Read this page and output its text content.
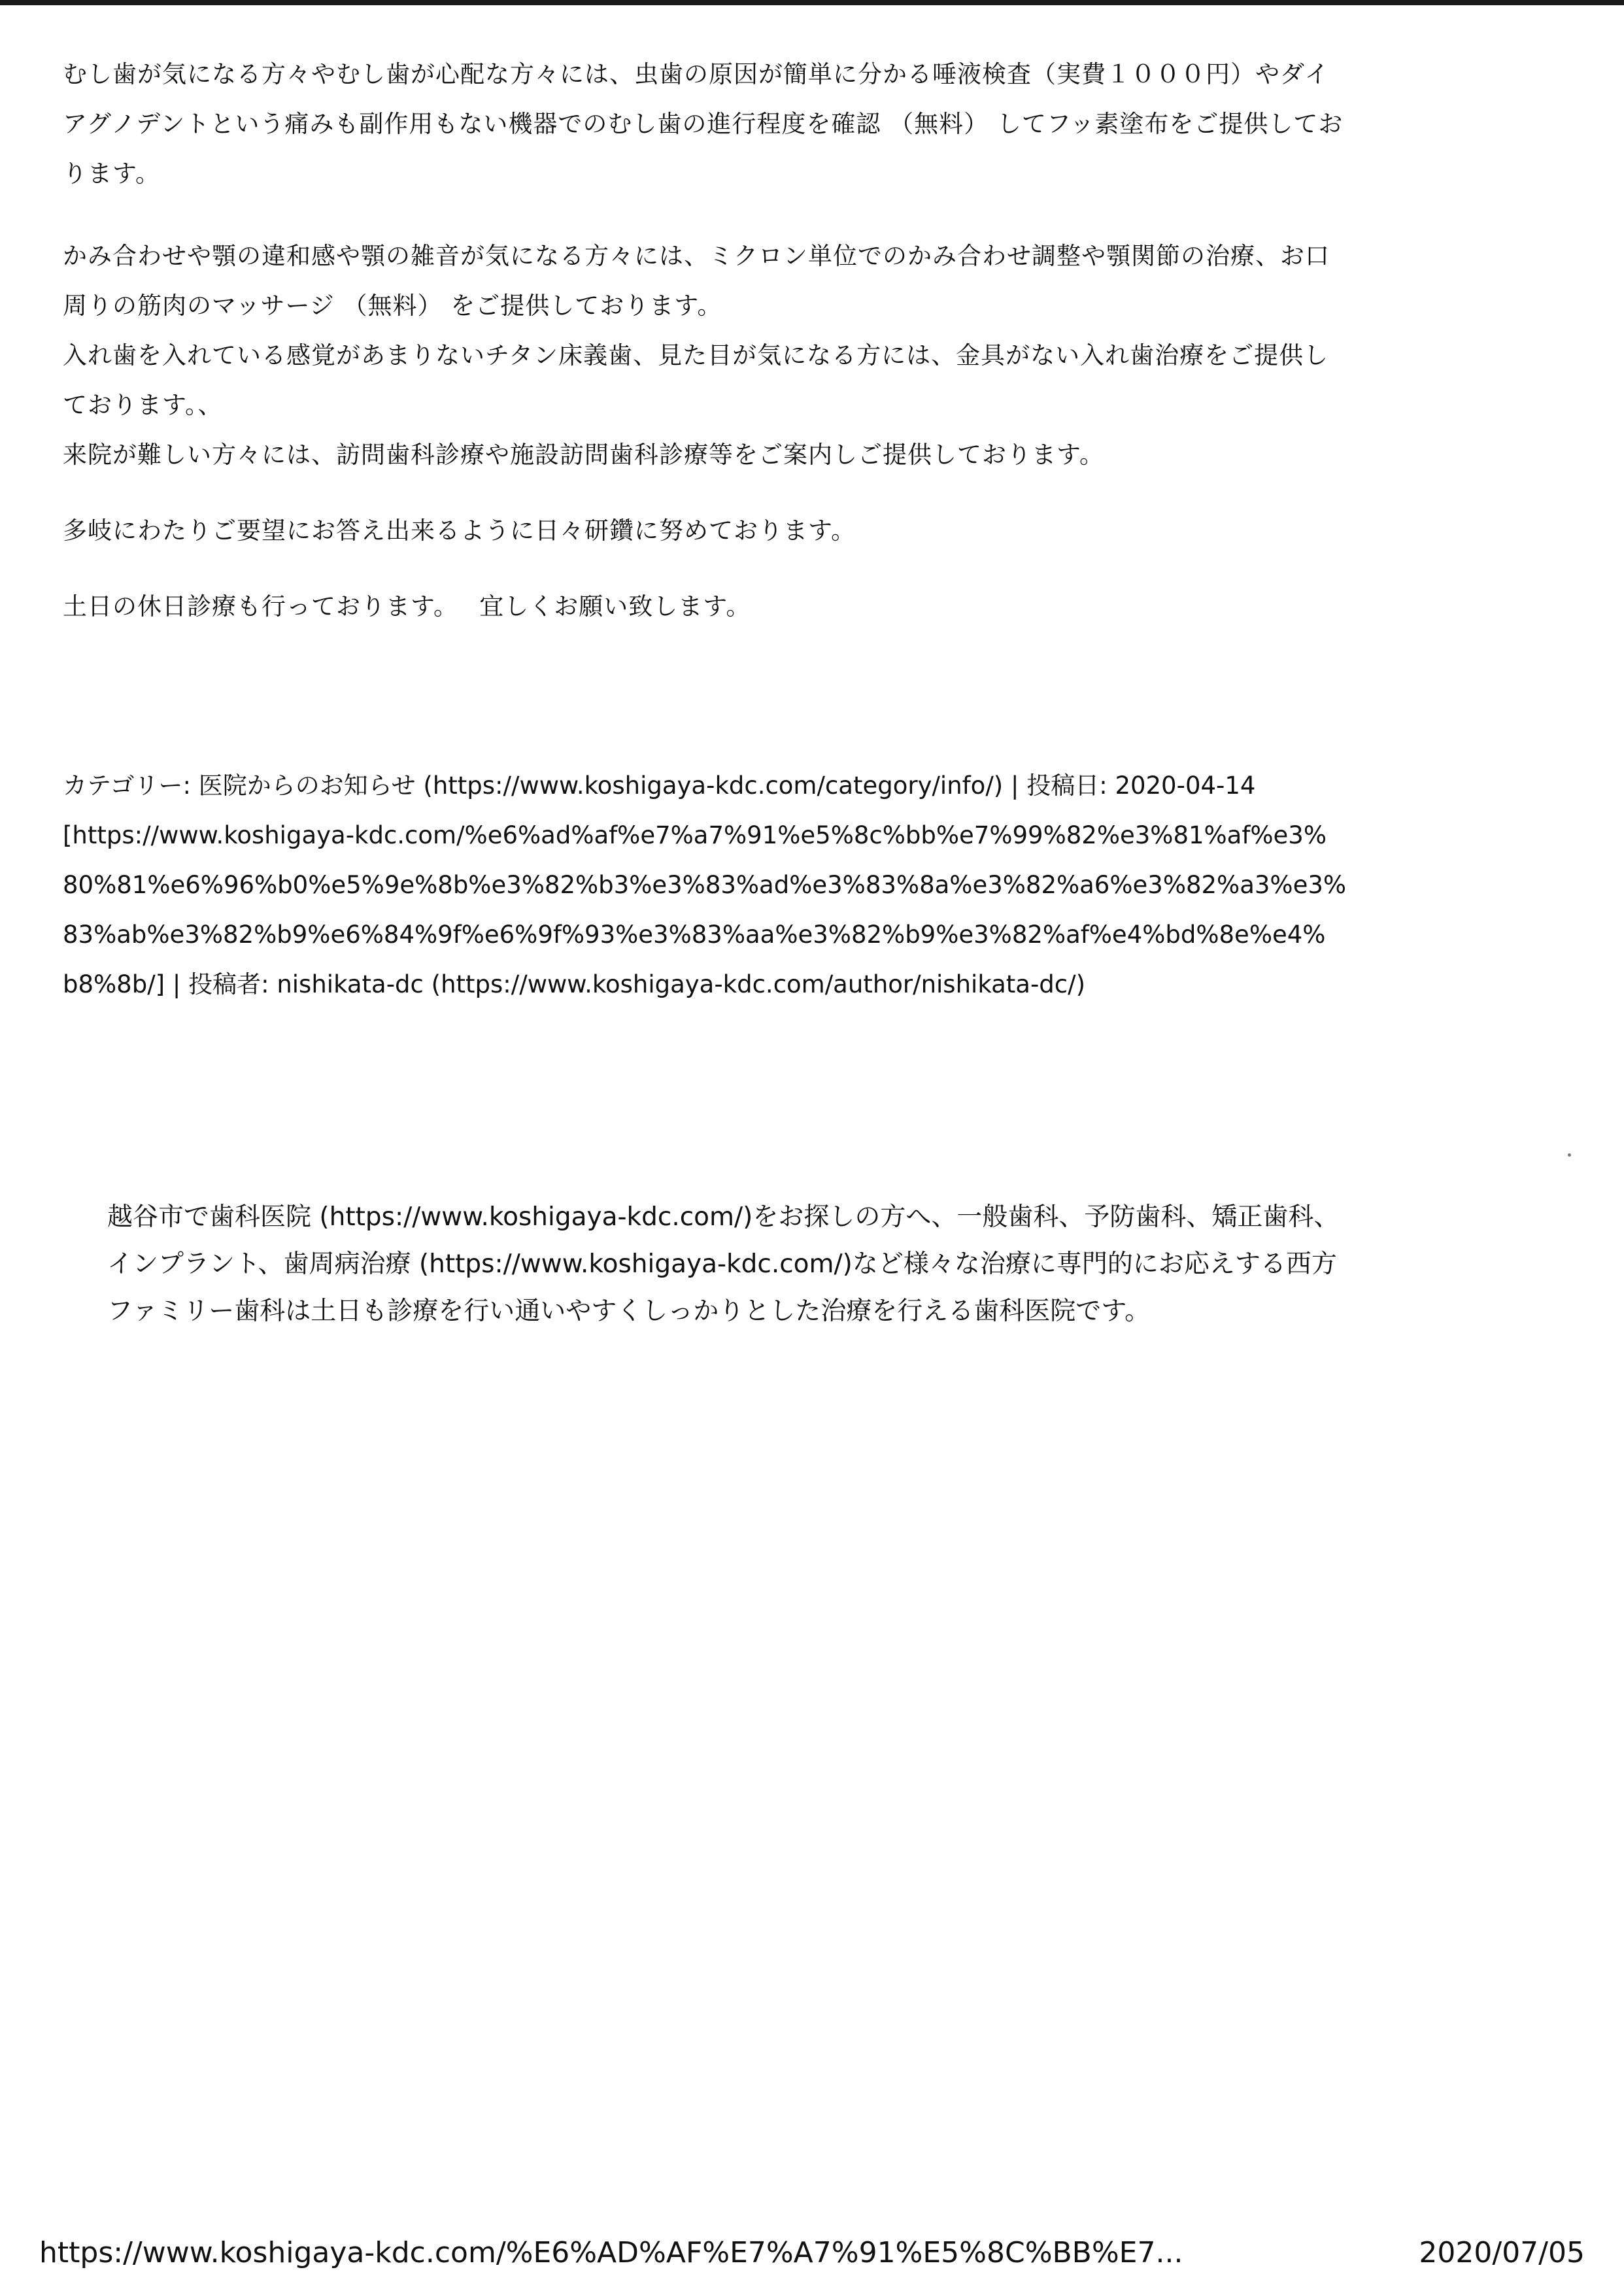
むし歯が気になる方々やむし歯が心配な方々には、虫歯の原因が簡単に分かる唾液検査（実費１０００円）やダイ
アグノデントという痛みも副作用もない機器でのむし歯の進行程度を確認 （無料） してフッ素塗布をご提供してお
ります。

かみ合わせや顎の違和感や顎の雑音が気になる方々には、ミクロン単位でのかみ合わせ調整や顎関節の治療、お口
周りの筋肉のマッサージ （無料） をご提供しております。

入れ歯を入れている感覚があまりないチタン床義歯、見た目が気になる方には、金具がない入れ歯治療をご提供し
ております。、

来院が難しい方々には、訪問歯科診療や施設訪問歯科診療等をご案内しご提供しております。

多岐にわたりご要望にお答え出来るように日々研鑽に努めております。

土日の休日診療も行っております。　 宜しくお願い致します。

カテゴリー: 医院からのお知らせ (https://www.koshigaya-kdc.com/category/info/) | 投稿日: 2020-04-14
[https://www.koshigaya-kdc.com/%e6%ad%af%e7%a7%91%e5%8c%bb%e7%99%82%e3%81%af%e3%
80%81%e6%96%b0%e5%9e%8b%e3%82%b3%e3%83%ad%e3%83%8a%e3%82%a6%e3%82%a3%e3%
83%ab%e3%82%b9%e6%84%9f%e6%9f%93%e3%83%aa%e3%82%b9%e3%82%af%e4%bd%8e%e4%
b8%8b/] | 投稿者: nishikata-dc (https://www.koshigaya-kdc.com/author/nishikata-dc/)
越谷市で歯科医院 (https://www.koshigaya-kdc.com/)をお探しの方へ、一般歯科、予防歯科、矯正歯科、
インプラント、歯周病治療 (https://www.koshigaya-kdc.com/)など様々な治療に専門的にお応えする西方
ファミリー歯科は土日も診療を行い通いやすくしっかりとした治療を行える歯科医院です。
https://www.koshigaya-kdc.com/%E6%AD%AF%E7%A7%91%E5%8C%BB%E7...	2020/07/05
